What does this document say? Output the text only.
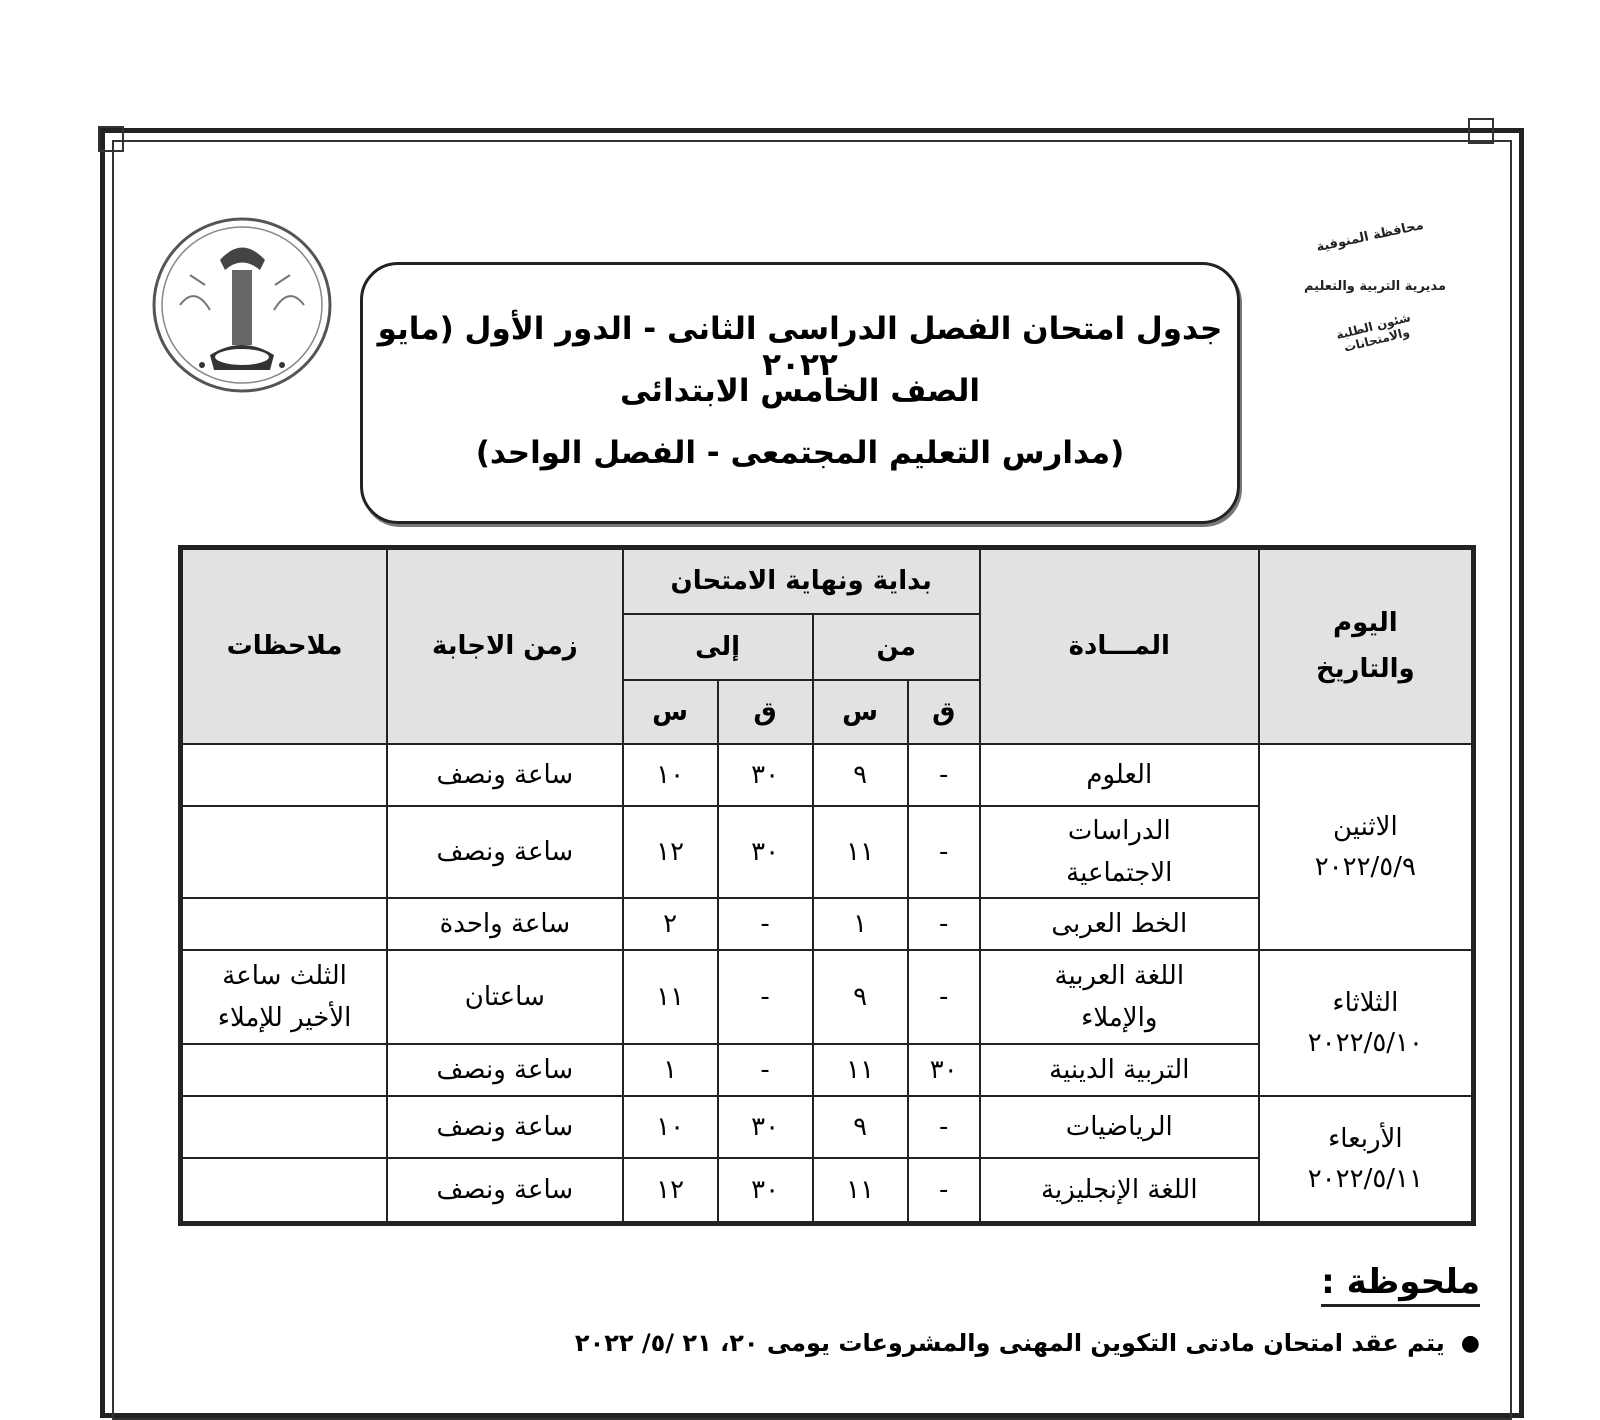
محافظة المنوفية
مديرية التربية والتعليم
شئون الطلبة والامتحانات
جدول امتحان الفصل الدراسى الثانى - الدور الأول (مايو ٢٠٢٢
الصف الخامس الابتدائى
(مدارس التعليم المجتمعى - الفصل الواحد)
اليوم والتاريخ	المـــادة	بداية ونهاية الامتحان				زمن الاجابة	ملاحظات
		من		إلى			
		ق	س	ق	س		

الاثنين
٢٠٢٢/٥/٩	العلوم	-	٩	٣٠	١٠	ساعة ونصف	
	الدراسات الاجتماعية	-	١١	٣٠	١٢	ساعة ونصف	
	الخط العربى	-	١	-	٢	ساعة واحدة	

الثلاثاء
٢٠٢٢/٥/١٠	اللغة العربية والإملاء	-	٩	-	١١	ساعتان	الثلث ساعة الأخير للإملاء
	التربية الدينية	٣٠	١١	-	١	ساعة ونصف	

الأربعاء
٢٠٢٢/٥/١١	الرياضيات	-	٩	٣٠	١٠	ساعة ونصف	
	اللغة الإنجليزية	-	١١	٣٠	١٢	ساعة ونصف	
ملحوظة :
●
يتم عقد امتحان مادتى التكوين المهنى والمشروعات يومى ٢٠، ٢١ /٥/ ٢٠٢٢
